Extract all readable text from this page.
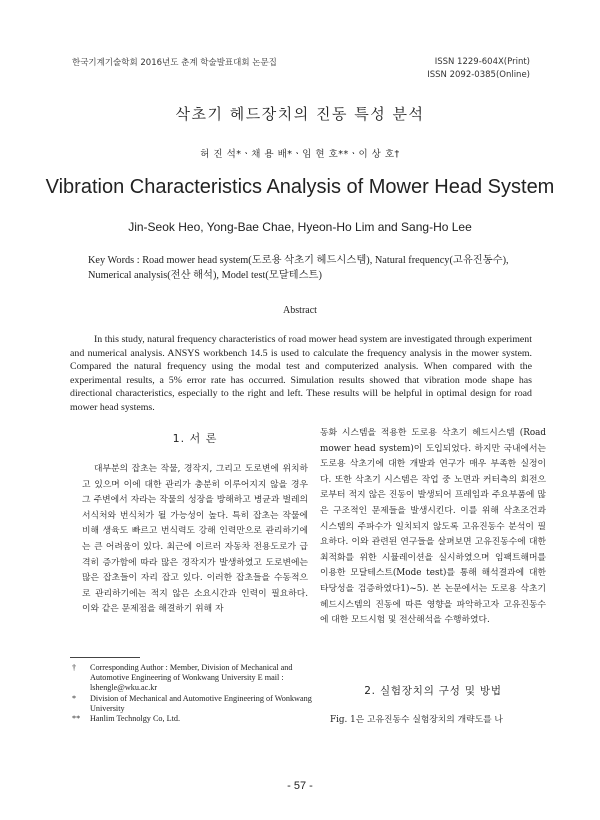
한국기계기술학회 2016년도 춘계 학술발표대회 논문집	ISSN 1229-604X(Print)
ISSN 2092-0385(Online)
삭초기 헤드장치의 진동 특성 분석
허 진 석*ㆍ채 용 배*ㆍ임 현 호**ㆍ이 상 호†
Vibration Characteristics Analysis of Mower Head System
Jin-Seok Heo, Yong-Bae Chae, Hyeon-Ho Lim and Sang-Ho Lee
Key Words : Road mower head system(도로용 삭초기 헤드시스템), Natural frequency(고유진동수), Numerical analysis(전산 해석), Model test(모달테스트)
Abstract
In this study, natural frequency characteristics of road mower head system are investigated through experiment and numerical analysis. ANSYS workbench 14.5 is used to calculate the frequency analysis in the mower system. Compared the natural frequency using the modal test and computerized analysis. When compared with the experimental results, a 5% error rate has occurred. Simulation results showed that vibration mode shape has directional characteristics, especially to the right and left. These results will be helpful in optimal design for road mower head systems.
1. 서 론
대부분의 잡초는 작물, 경작지, 그리고 도로변에 위치하고 있으며 이에 대한 관리가 충분히 이루어지지 않을 경우 그 주변에서 자라는 작물의 성장을 방해하고 병균과 벌레의 서식처와 번식처가 될 가능성이 높다. 특히 잡초는 작물에 비해 생육도 빠르고 번식력도 강해 인력만으로 관리하기에는 큰 어려움이 있다. 최근에 이르러 자동차 전용도로가 급격히 증가함에 따라 많은 경작지가 발생하였고 도로변에는 많은 잡초들이 자리 잡고 있다. 이러한 잡초들을 수동적으로 관리하기에는 적지 않은 소요시간과 인력이 필요하다. 이와 같은 문제점을 해결하기 위해 자
동화 시스템을 적용한 도로용 삭초기 헤드시스템 (Road mower head system)이 도입되었다. 하지만 국내에서는 도로용 삭초기에 대한 개발과 연구가 매우 부족한 실정이다. 또한 삭초기 시스템은 작업 중 노면과 커터측의 회전으로부터 적지 않은 진동이 발생되어 프레임과 주요부품에 많은 구조적인 문제들을 발생시킨다. 이를 위해 삭초조건과 시스템의 주파수가 일치되지 않도록 고유진동수 분석이 필요하다. 이와 관련된 연구들을 살펴보면 고유진동수에 대한 최적화를 위한 시뮬레이션을 실시하였으며 임팩트해머를 이용한 모달테스트(Mode test)를 통해 해석결과에 대한 타당성을 검증하였다1)~5). 본 논문에서는 도로용 삭초기 헤드시스템의 진동에 따른 영향을 파악하고자 고유진동수에 대한 모드시험 및 전산해석을 수행하였다.
†	Corresponding Author : Member, Division of Mechanical and Automotive Engineering of Wonkwang University E mail : lshengle@wku.ac.kr
*	Division of Mechanical and Automotive Engineering of Wonkwang University
**	Hanlim Technolgy Co, Ltd.
2. 실험장치의 구성 및 방법
Fig. 1은 고유진동수 실험장치의 개략도를 나
- 57 -
